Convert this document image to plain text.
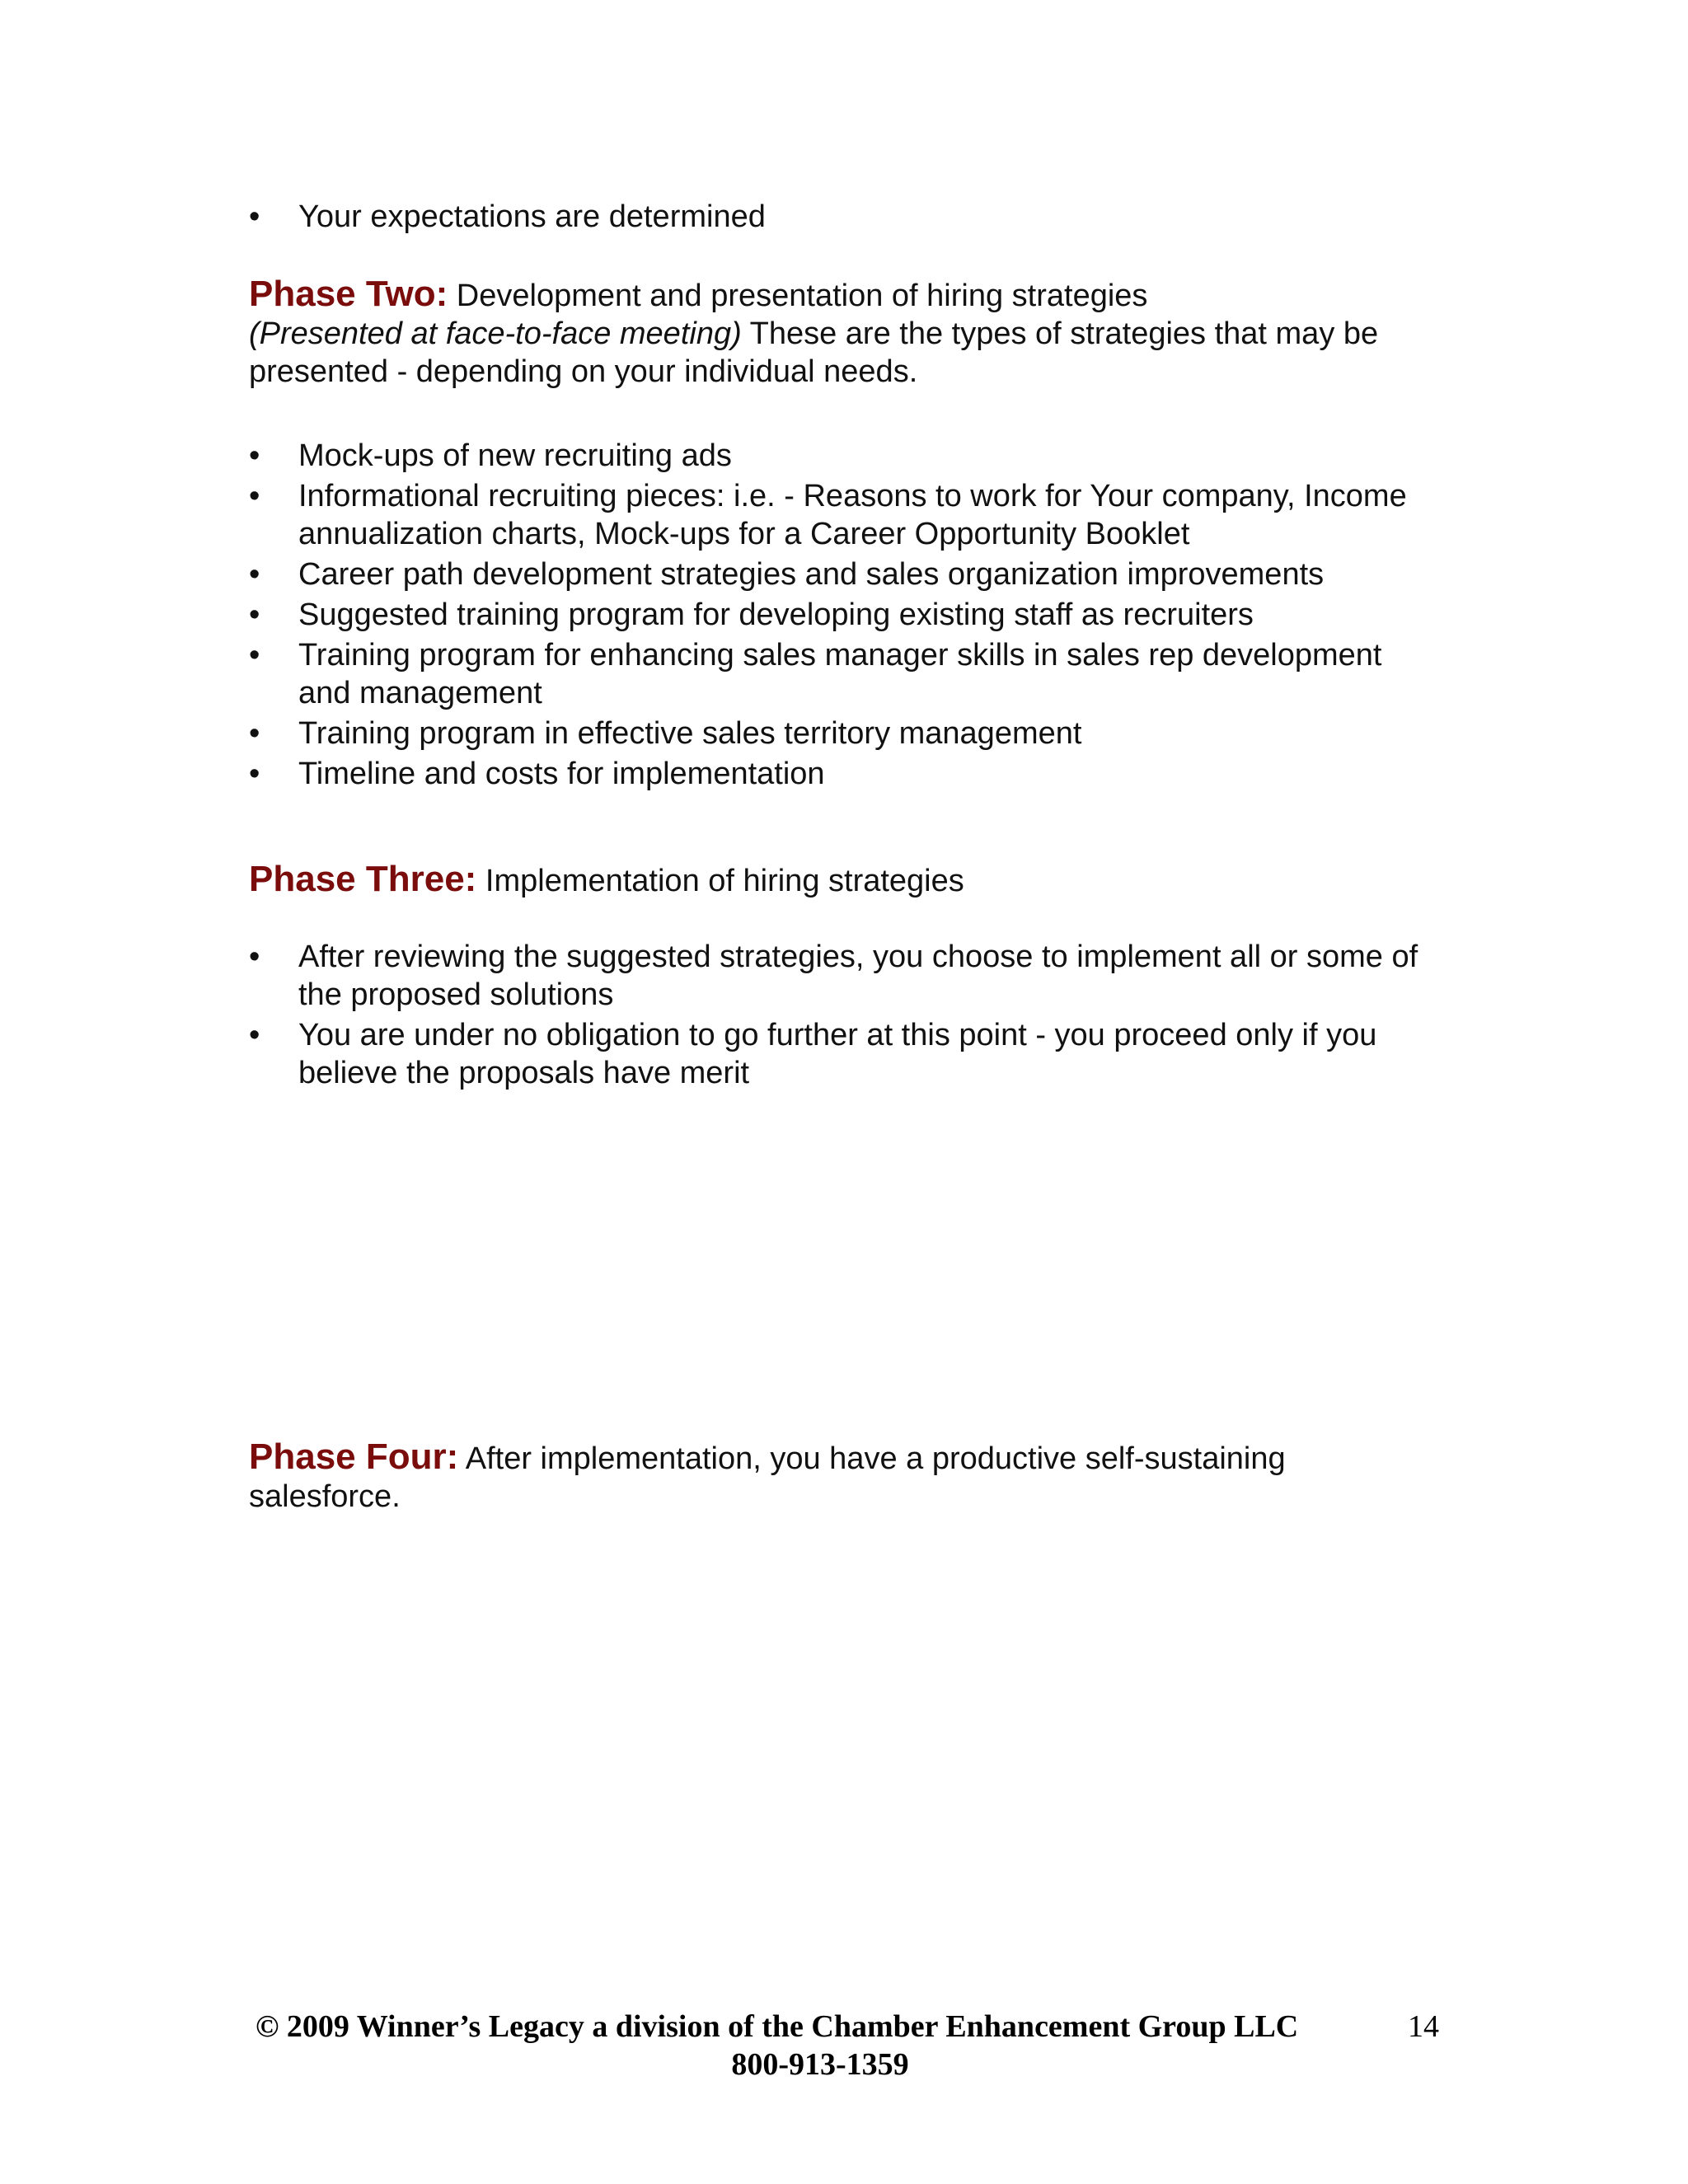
• Your expectations are determined

Phase Two: Development and presentation of hiring strategies
(Presented at face-to-face meeting) These are the types of strategies that may be presented - depending on your individual needs.

• Mock-ups of new recruiting ads
• Informational recruiting pieces: i.e. - Reasons to work for Your company, Income annualization charts, Mock-ups for a Career Opportunity Booklet
• Career path development strategies and sales organization improvements
• Suggested training program for developing existing staff as recruiters
• Training program for enhancing sales manager skills in sales rep development and management
• Training program in effective sales territory management
• Timeline and costs for implementation

Phase Three: Implementation of hiring strategies

• After reviewing the suggested strategies, you choose to implement all or some of the proposed solutions
• You are under no obligation to go further at this point - you proceed only if you believe the proposals have merit

Phase Four: After implementation, you have a productive self-sustaining salesforce.

© 2009 Winner’s Legacy a division of the Chamber Enhancement Group LLC	14
800-913-1359
